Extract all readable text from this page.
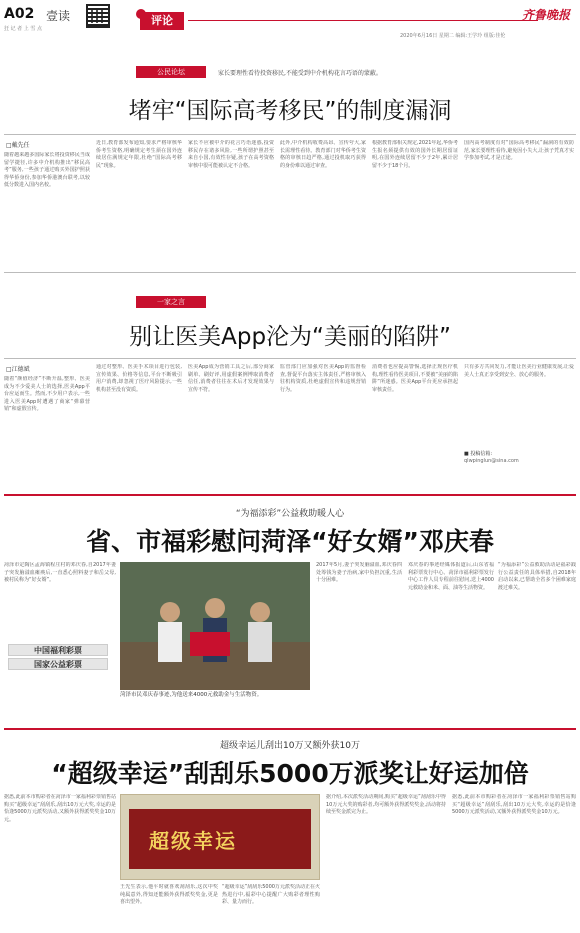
A02 壹读
狂 记 者 上 雪 点
评论	齐鲁晚报
2020年6月16日 星期二 编辑:王学玲 组版:佳伦
公民论坛	家长要理性看待投资移民,不能受到中介机构花言巧语的蒙蔽。
堵牢“国际高考移民”的制度漏洞
□戴先任
随着越来越多国际家长将投资移民当成留学捷径,许多中介机构推出“移民高考”服务,一些孩子通过购买外国护照获得华侨身份,参加华侨港澳台联考,以较低分数进入国内名校。
近日,教育部发布通知,要求严格审核华侨考生资格,明确规定考生须在国外连续居住满规定年限,杜绝“国际高考移民”现象。
家长不应被中介的花言巧语迷惑,投资移民存在诸多风险,一些所谓护照甚至来自小国,有效性存疑,孩子在高考资格审核中很可能被认定不合格。
此外,中介机构收费高昂、宣传夸大,家长需理性看待。教育部门对华侨考生资格的审核日趋严格,通过投机取巧获得的身份难以通过审查。
根据教育部相关规定,2021年起,华侨考生报名须提供有效的国外长期居留证明,在国外连续居留不少于2年,累计居留不少于18个月。
国内高考制度有对“国际高考移民”漏洞的有效防范,家长要理性看待,避免因小失大,让孩子凭真才实学参加考试,才是正途。
一家之言
别让医美App沦为“美丽的陷阱”
□江德斌
随着“颜值经济”不断升温,整形、医美成为不少爱美人士的选择,医美App平台应运而生。然而,不少用户表示,一些进入医美App时遭遇了商家“弹幕营销”和虚假宣传。
通过对整形、医美手术项目进行包装,宣传效果、价格等信息,平台不断吸引用户消费,却忽视了医疗风险提示,一些机构甚至没有资质。
医美App成为营销工具之后,部分商家刷单、刷好评,用虚假案例博取消费者信任,消费者往往在术后才发现效果与宣传不符。
监管部门应加强对医美App的监督检查,督促平台落实主体责任,严格审核入驻机构资质,杜绝虚假宣传和违规营销行为。
消费者也应提高警惕,选择正规医疗机构,理性看待医美项目,不要被“美丽的陷阱”所迷惑。医美App平台更应承担起审核责任。
只有多方共同发力,才能让医美行业健康发展,让爱美人士真正享受到安全、放心的服务。
■ 投稿信箱:
qlwpinglun@sina.com
“为福添彩”公益救助暖人心
省、市福彩慰问菏泽“好女婿”邓庆春
菏泽市定陶区孟海镇程庄村的邓庆春,自2017年妻子突发脑溢血瘫痪后,一直悉心照料妻子和岳父母,被村民称为“好女婿”。
中国福利彩票
国家公益彩票
菏泽市民邓庆春事迹,为他送来4000元救助金与生活物资。
2017年5月,妻子突发脑溢血,邓庆春四处筹钱为妻子治病,家中负担沉重,生活十分困难。
邓庆春的事迹经媒体报道后,山东省福利彩票发行中心、菏泽市福利彩票发行中心工作人员专程前往慰问,送上4000元救助金和米、面、油等生活物资。
“为福添彩”公益救助活动是福彩践行公益责任的具体举措,自2018年启动以来,已帮助全省多个困难家庭渡过难关。
超级幸运儿刮出10万又额外获10万
“超级幸运”刮刮乐5000万派奖让好运加倍
据悉,此前本市购彩者在菏泽市一家福利彩票销售站购买“超级幸运”刮刮乐,刮出10万元大奖,幸运的是恰逢5000万元派奖活动,又额外获得派奖奖金10万元。
超级幸运
王先生表示,他平时就喜欢刮刮乐,这次中奖纯属意外,得知还能额外获得派奖奖金,更是喜出望外。
“超级幸运”刮刮乐5000万元派奖活动正在火热进行中,福彩中心提醒广大购彩者理性购彩、量力而行。
据介绍,本次派奖活动期间,购买“超级幸运”刮刮乐中得10万元大奖的购彩者,均可额外获得派奖奖金,活动将持续至奖金派完为止。
据悉,此前本市购彩者在菏泽市一家福利彩票销售站购买“超级幸运”刮刮乐,刮出10万元大奖,幸运的是恰逢5000万元派奖活动,又额外获得派奖奖金10万元。
